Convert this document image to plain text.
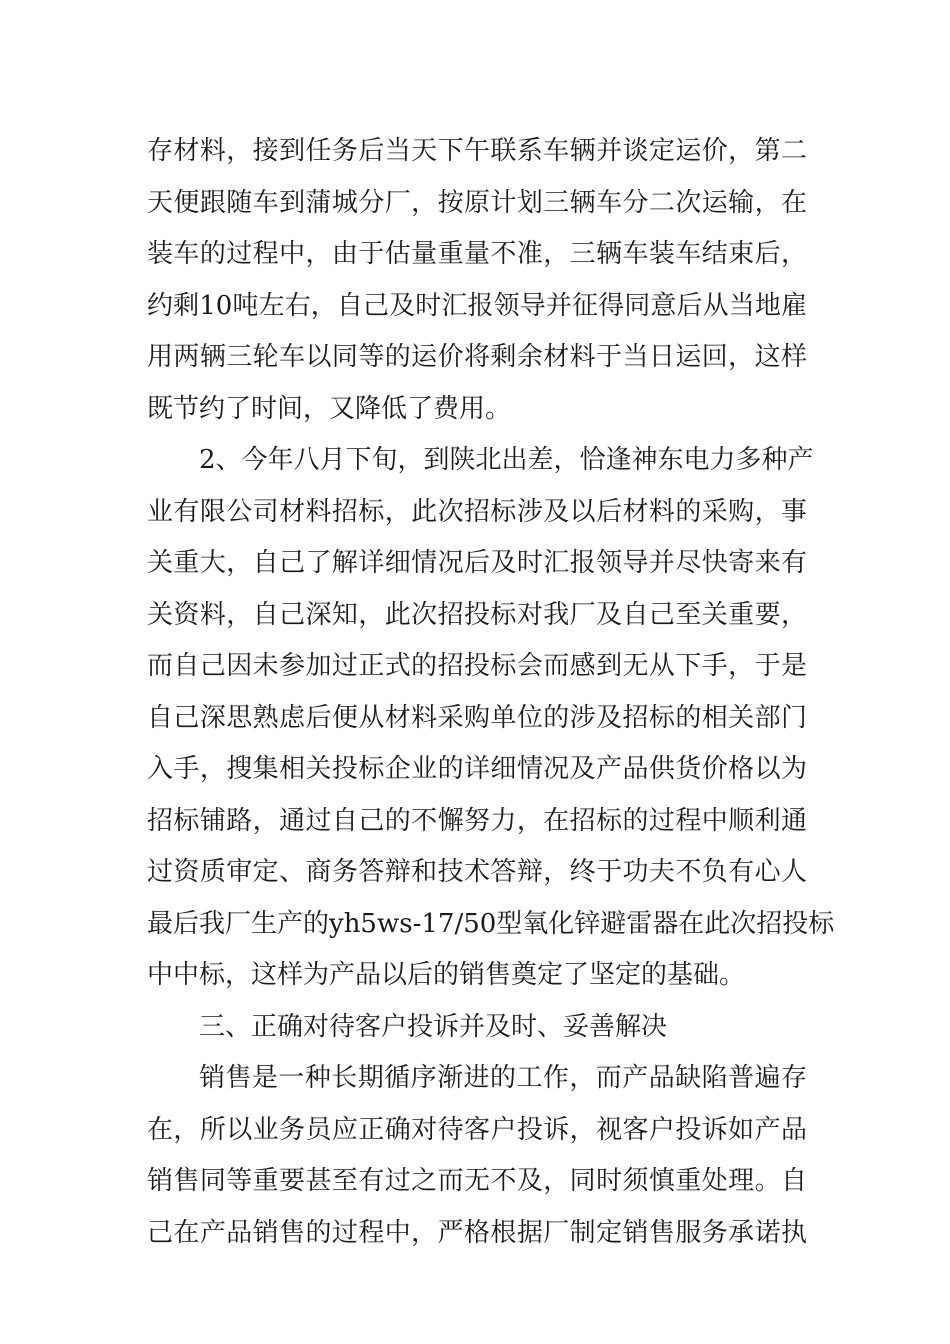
存材料，接到任务后当天下午联系车辆并谈定运价，第二
天便跟随车到蒲城分厂，按原计划三辆车分二次运输，在
装车的过程中，由于估量重量不准，三辆车装车结束后，
约剩10吨左右，自己及时汇报领导并征得同意后从当地雇
用两辆三轮车以同等的运价将剩余材料于当日运回，这样
既节约了时间，又降低了费用。
2、今年八月下旬，到陕北出差，恰逢神东电力多种产
业有限公司材料招标，此次招标涉及以后材料的采购，事
关重大，自己了解详细情况后及时汇报领导并尽快寄来有
关资料，自己深知，此次招投标对我厂及自己至关重要，
而自己因未参加过正式的招投标会而感到无从下手，于是
自己深思熟虑后便从材料采购单位的涉及招标的相关部门
入手，搜集相关投标企业的详细情况及产品供货价格以为
招标铺路，通过自己的不懈努力，在招标的过程中顺利通
过资质审定、商务答辩和技术答辩，终于功夫不负有心人
最后我厂生产的yh5ws-17/50型氧化锌避雷器在此次招投标
中中标，这样为产品以后的销售奠定了坚定的基础。
三、正确对待客户投诉并及时、妥善解决
销售是一种长期循序渐进的工作，而产品缺陷普遍存
在，所以业务员应正确对待客户投诉，视客户投诉如产品
销售同等重要甚至有过之而无不及，同时须慎重处理。自
己在产品销售的过程中，严格根据厂制定销售服务承诺执
